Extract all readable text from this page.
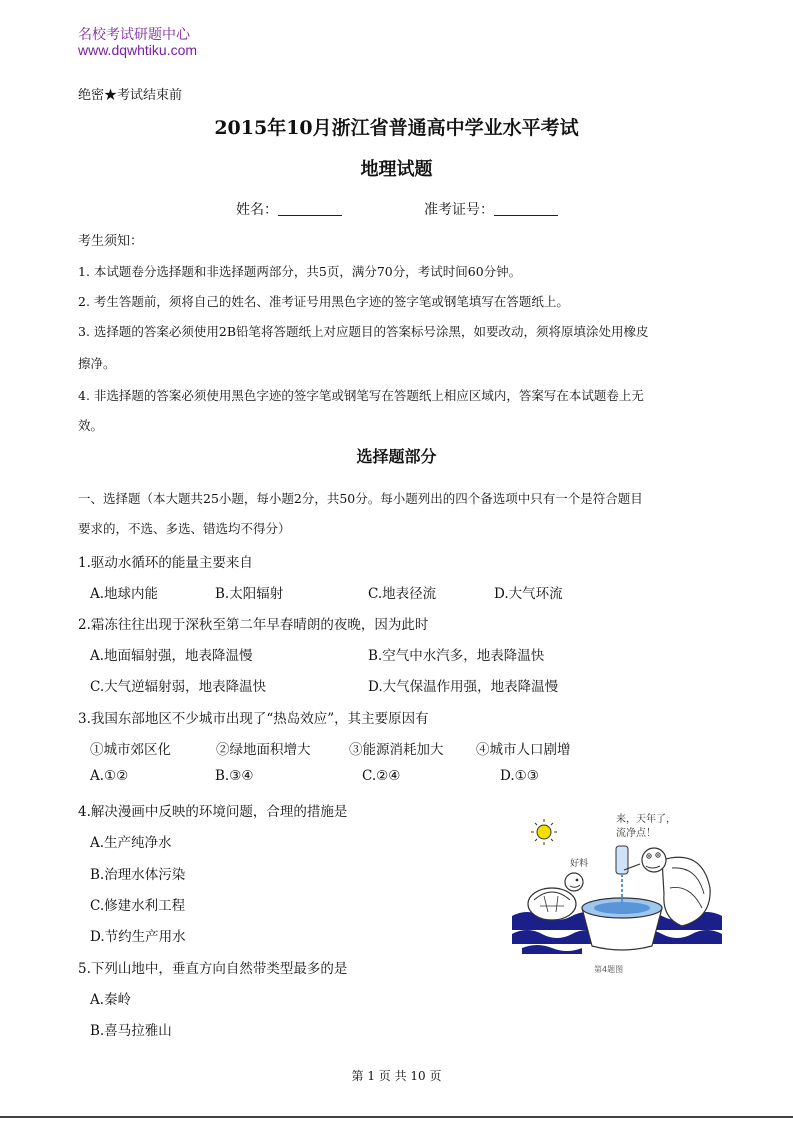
名校考试研题中心
www.dqwhtiku.com
绝密★考试结束前
2015年10月浙江省普通高中学业水平考试
地理试题
姓名：	准考证号：
考生须知：
1. 本试题卷分选择题和非选择题两部分，共5页，满分70分，考试时间60分钟。
2. 考生答题前，须将自己的姓名、准考证号用黑色字迹的签字笔或钢笔填写在答题纸上。
3. 选择题的答案必须使用2B铅笔将答题纸上对应题目的答案标号涂黑，如要改动，须将原填涂处用橡皮
擦净。
4. 非选择题的答案必须使用黑色字迹的签字笔或钢笔写在答题纸上相应区域内，答案写在本试题卷上无
效。
选择题部分
一、选择题（本大题共25小题，每小题2分，共50分。每小题列出的四个备选项中只有一个是符合题目
要求的，不选、多选、错选均不得分）
1.驱动水循环的能量主要来自
A.地球内能	B.太阳辐射	C.地表径流	D.大气环流
2.霜冻往往出现于深秋至第二年早春晴朗的夜晚，因为此时
A.地面辐射强，地表降温慢	B.空气中水汽多，地表降温快
C.大气逆辐射弱，地表降温快	D.大气保温作用强，地表降温慢
3.我国东部地区不少城市出现了“热岛效应”，其主要原因有
①城市郊区化	②绿地面积增大	③能源消耗加大 ④城市人口剧增
A.①②	B.③④	C.②④	D.①③
4.解决漫画中反映的环境问题，合理的措施是
A.生产纯净水
B.治理水体污染
C.修建水利工程
D.节约生产用水
5.下列山地中，垂直方向自然带类型最多的是
A.秦岭
B.喜马拉雅山
来，天年了，
流净点！
好料
第4题图
第 1 页 共 10 页
